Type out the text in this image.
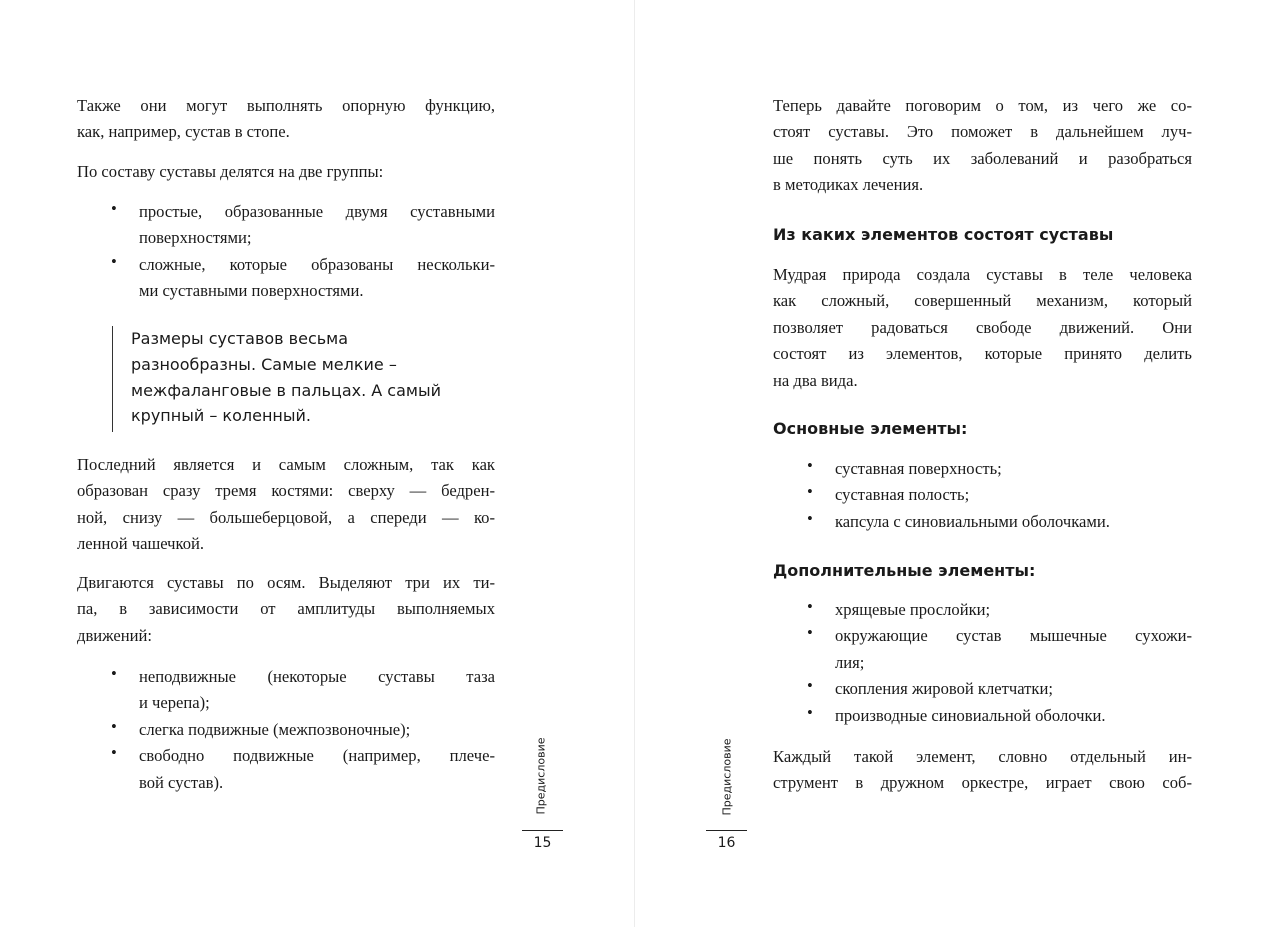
Также они могут выполнять опорную функцию,
как, например, сустав в стопе.
По составу суставы делятся на две группы:
• простые, образованные двумя суставными
поверхностями;
• сложные, которые образованы нескольки-
ми суставными поверхностями.
Размеры суставов весьма
разнообразны. Самые мелкие –
межфаланговые в пальцах. А самый
крупный – коленный.
Последний является и самым сложным, так как
образован сразу тремя костями: сверху — бедрен-
ной, снизу — большеберцовой, а спереди — ко-
ленной чашечкой.
Двигаются суставы по осям. Выделяют три их ти-
па, в зависимости от амплитуды выполняемых
движений:
• неподвижные (некоторые суставы таза
и черепа);
• слегка подвижные (межпозвоночные);
• свободно подвижные (например, плече-
вой сустав).	Предисловие
15
Теперь давайте поговорим о том, из чего же со-
стоят суставы. Это поможет в дальнейшем луч-
ше понять суть их заболеваний и разобраться
в методиках лечения.
Из каких элементов состоят суставы
Мудрая природа создала суставы в теле человека
как сложный, совершенный механизм, который
позволяет радоваться свободе движений. Они
состоят из элементов, которые принято делить
на два вида.
Основные элементы:
• суставная поверхность;
• суставная полость;
• капсула с синовиальными оболочками.
Дополнительные элементы:
• хрящевые прослойки;
• окружающие сустав мышечные сухожи-
лия;
• скопления жировой клетчатки;
• производные синовиальной оболочки.
Каждый такой элемент, словно отдельный ин-
струмент в дружном оркестре, играет свою соб-
Предисловие
16
